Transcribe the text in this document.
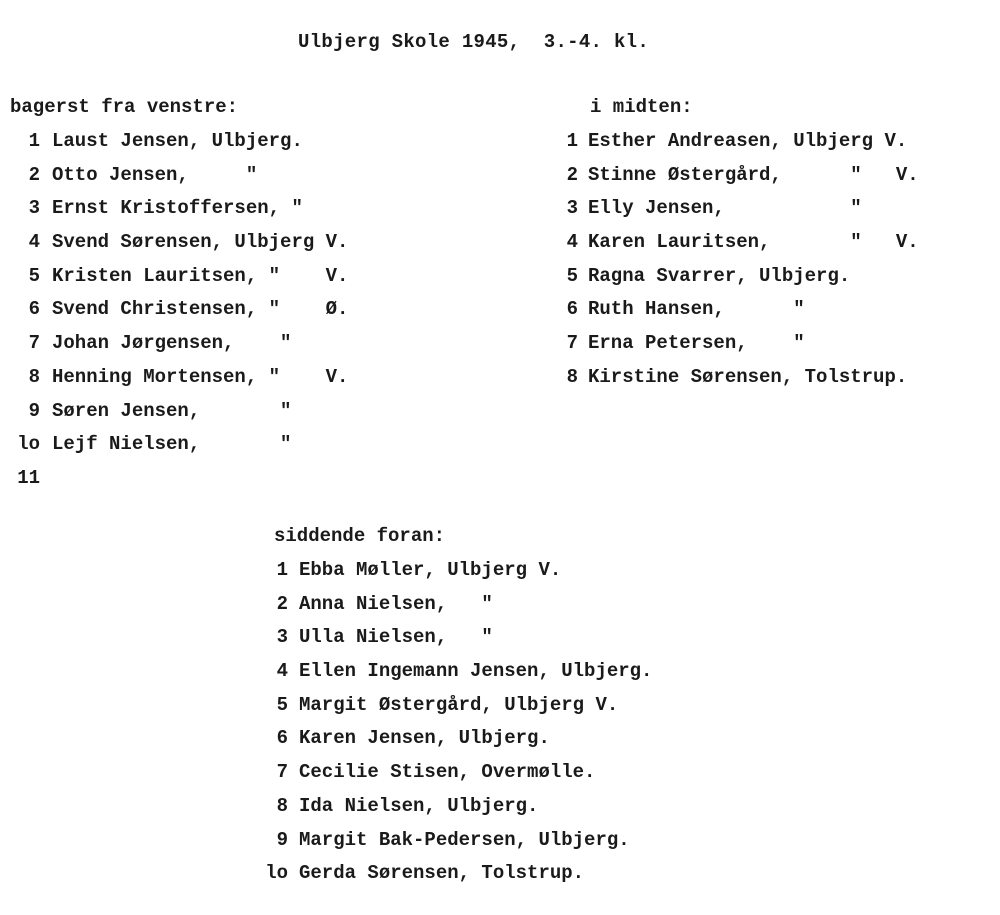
Ulbjerg Skole 1945,  3.-4. kl.
bagerst fra venstre:
1 Laust Jensen, Ulbjerg.
2 Otto Jensen,     "
3 Ernst Kristoffersen, "
4 Svend Sørensen, Ulbjerg V.
5 Kristen Lauritsen, "    V.
6 Svend Christensen, "    Ø.
7 Johan Jørgensen,    "
8 Henning Mortensen, "    V.
9 Søren Jensen,       "
lo Lejf Nielsen,       "
11
i midten:
1 Esther Andreasen, Ulbjerg V.
2 Stinne Østergård,      "   V.
3 Elly Jensen,           "
4 Karen Lauritsen,       "   V.
5 Ragna Svarrer, Ulbjerg.
6 Ruth Hansen,      "
7 Erna Petersen,    "
8 Kirstine Sørensen, Tolstrup.
siddende foran:
1 Ebba Møller, Ulbjerg V.
2 Anna Nielsen,   "
3 Ulla Nielsen,   "
4 Ellen Ingemann Jensen, Ulbjerg.
5 Margit Østergård, Ulbjerg V.
6 Karen Jensen, Ulbjerg.
7 Cecilie Stisen, Overmølle.
8 Ida Nielsen, Ulbjerg.
9 Margit Bak-Pedersen, Ulbjerg.
lo Gerda Sørensen, Tolstrup.
